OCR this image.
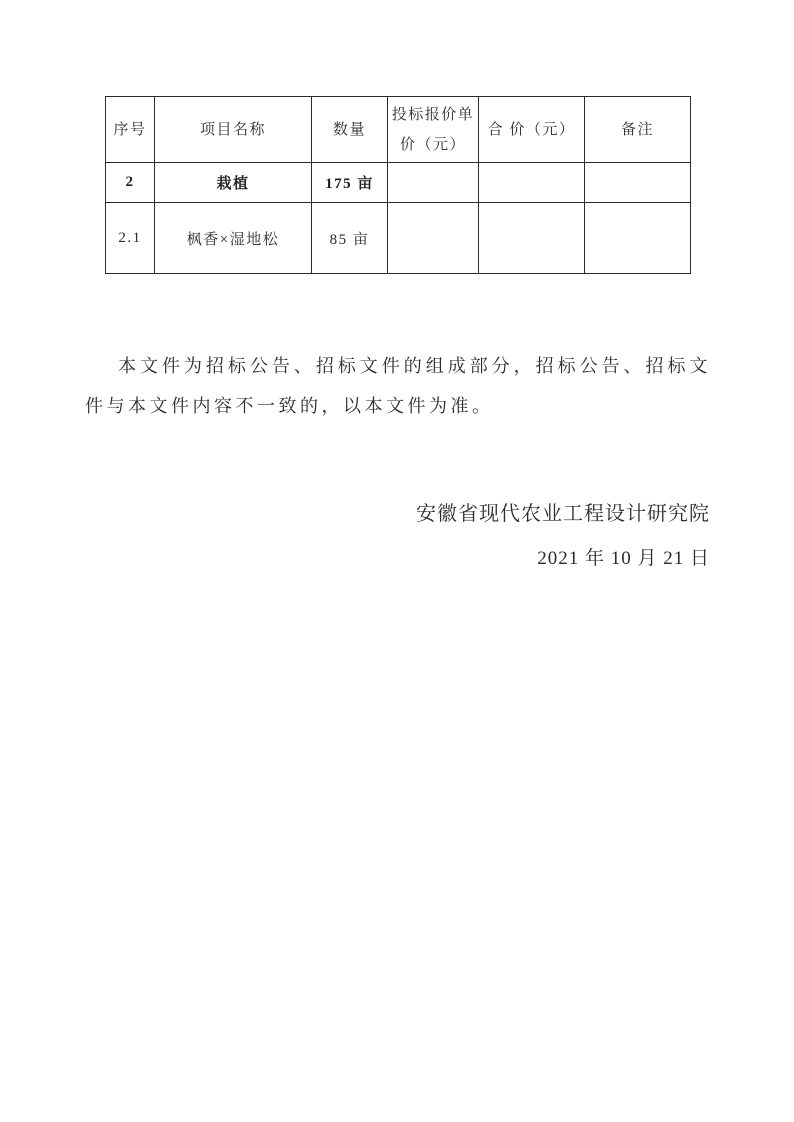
序号	项目名称	数量	投标报价单价（元）	合 价（元）	备注
2	栽植	175 亩			
2.1	枫香×湿地松	85 亩			

本文件为招标公告、招标文件的组成部分，招标公告、招标文件与本文件内容不一致的，以本文件为准。

安徽省现代农业工程设计研究院
2021 年 10 月 21 日
